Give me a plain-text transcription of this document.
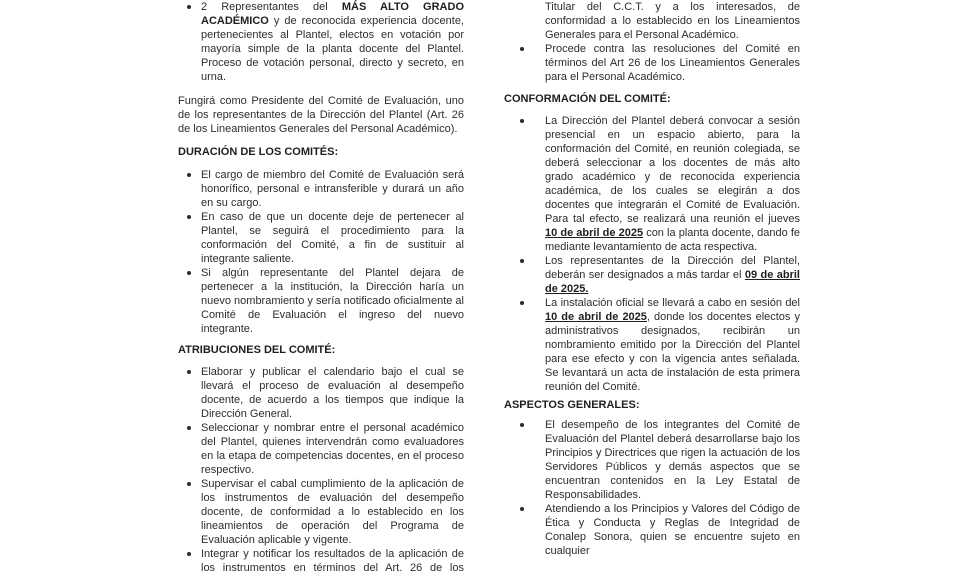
2 Representantes del MÁS ALTO GRADO ACADÉMICO y de reconocida experiencia docente, pertenecientes al Plantel, electos en votación por mayoría simple de la planta docente del Plantel. Proceso de votación personal, directo y secreto, en urna.

Fungirá como Presidente del Comité de Evaluación, uno de los representantes de la Dirección del Plantel (Art. 26 de los Lineamientos Generales del Personal Académico).

DURACIÓN DE LOS COMITÉS:
El cargo de miembro del Comité de Evaluación será honorífico, personal e intransferible y durará un año en su cargo.
En caso de que un docente deje de pertenecer al Plantel, se seguirá el procedimiento para la conformación del Comité, a fin de sustituir al integrante saliente.
Si algún representante del Plantel dejara de pertenecer a la institución, la Dirección haría un nuevo nombramiento y sería notificado oficialmente al Comité de Evaluación el ingreso del nuevo integrante.
ATRIBUCIONES DEL COMITÉ:
Elaborar y publicar el calendario bajo el cual se llevará el proceso de evaluación al desempeño docente, de acuerdo a los tiempos que indique la Dirección General.
Seleccionar y nombrar entre el personal académico del Plantel, quienes intervendrán como evaluadores en la etapa de competencias docentes, en el proceso respectivo.
Supervisar el cabal cumplimiento de la aplicación de los instrumentos de evaluación del desempeño docente, de conformidad a lo establecido en los lineamientos de operación del Programa de Evaluación aplicable y vigente.
Integrar y notificar los resultados de la aplicación de los instrumentos en términos del Art. 26 de los
Titular del C.C.T. y a los interesados, de conformidad a lo establecido en los Lineamientos Generales para el Personal Académico.
Procede contra las resoluciones del Comité en términos del Art 26 de los Lineamientos Generales para el Personal Académico.
CONFORMACIÓN DEL COMITÉ:
La Dirección del Plantel deberá convocar a sesión presencial en un espacio abierto, para la conformación del Comité, en reunión colegiada, se deberá seleccionar a los docentes de más alto grado académico y de reconocida experiencia académica, de los cuales se elegirán a dos docentes que integrarán el Comité de Evaluación. Para tal efecto, se realizará una reunión el jueves 10 de abril de 2025 con la planta docente, dando fe mediante levantamiento de acta respectiva.
Los representantes de la Dirección del Plantel, deberán ser designados a más tardar el 09 de abril de 2025.
La instalación oficial se llevará a cabo en sesión del 10 de abril de 2025, donde los docentes electos y administrativos designados, recibirán un nombramiento emitido por la Dirección del Plantel para ese efecto y con la vigencia antes señalada. Se levantará un acta de instalación de esta primera reunión del Comité.
ASPECTOS GENERALES:
El desempeño de los integrantes del Comité de Evaluación del Plantel deberá desarrollarse bajo los Principios y Directrices que rigen la actuación de los Servidores Públicos y demás aspectos que se encuentran contenidos en la Ley Estatal de Responsabilidades.
Atendiendo a los Principios y Valores del Código de Ética y Conducta y Reglas de Integridad de Conalep Sonora, quien se encuentre sujeto en cualquier
